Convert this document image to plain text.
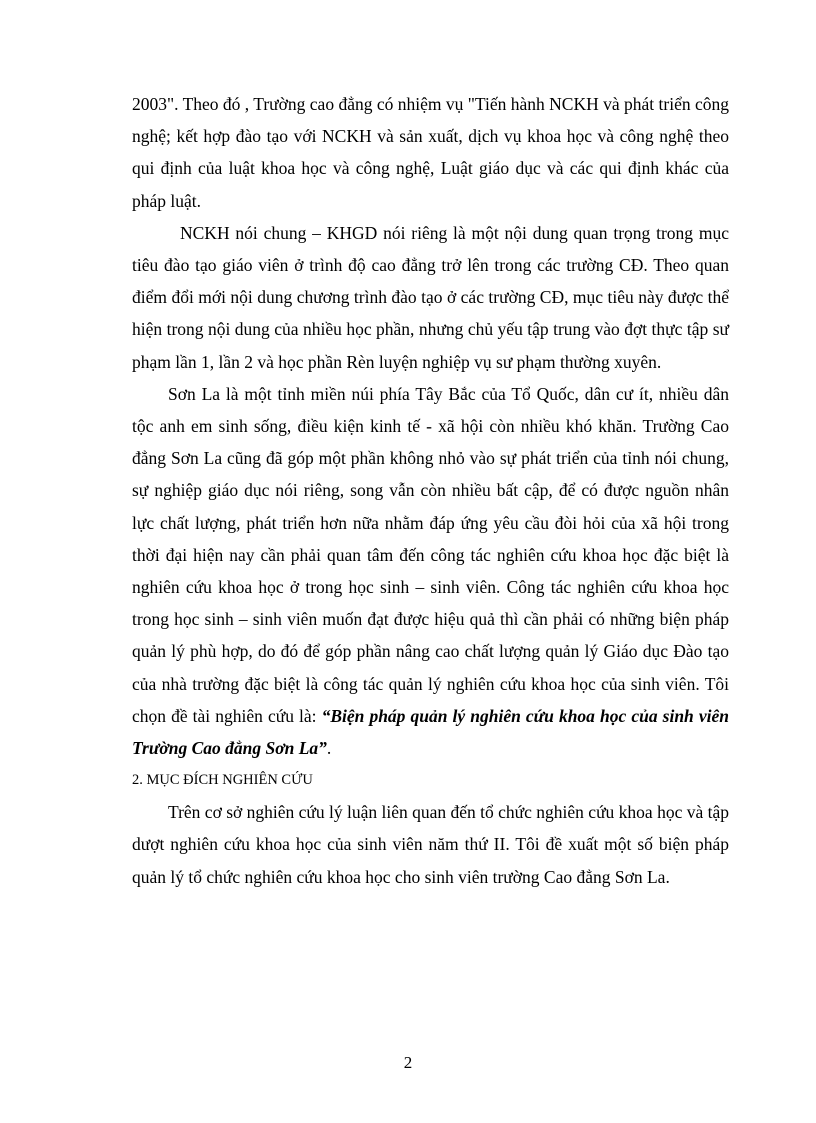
2003". Theo đó , Trường cao đẳng có nhiệm vụ "Tiến hành NCKH và phát triển công nghệ; kết hợp đào tạo với NCKH và sản xuất, dịch vụ khoa học và công nghệ theo qui định của luật khoa học và công nghệ, Luật giáo dục và các qui định khác của pháp luật.

NCKH nói chung – KHGD nói riêng là một nội dung quan trọng trong mục tiêu đào tạo giáo viên ở trình độ cao đẳng trở lên trong các trường CĐ. Theo quan điểm đổi mới nội dung chương trình đào tạo ở các trường CĐ, mục tiêu này được thể hiện trong nội dung của nhiều học phần, nhưng chủ yếu tập trung vào đợt thực tập sư phạm lần 1, lần 2 và học phần Rèn luyện nghiệp vụ sư phạm thường xuyên.

Sơn La là một tỉnh miền núi phía Tây Bắc của Tổ Quốc, dân cư ít, nhiều dân tộc anh em sinh sống, điều kiện kinh tế - xã hội còn nhiều khó khăn. Trường Cao đẳng Sơn La cũng đã góp một phần không nhỏ vào sự phát triển của tỉnh nói chung, sự nghiệp giáo dục nói riêng, song vẫn còn nhiều bất cập, để có được nguồn nhân lực chất lượng, phát triển hơn nữa nhằm đáp ứng yêu cầu đòi hỏi của xã hội trong thời đại hiện nay cần phải quan tâm đến công tác nghiên cứu khoa học đặc biệt là nghiên cứu khoa học ở trong học sinh – sinh viên. Công tác nghiên cứu khoa học trong học sinh – sinh viên muốn đạt được hiệu quả thì cần phải có những biện pháp quản lý phù hợp, do đó để góp phần nâng cao chất lượng quản lý Giáo dục Đào tạo của nhà trường đặc biệt là công tác quản lý nghiên cứu khoa học của sinh viên. Tôi chọn đề tài nghiên cứu là: “Biện pháp quản lý nghiên cứu khoa học của sinh viên Trường Cao đẳng Sơn La”.

2. MỤC ĐÍCH NGHIÊN CỨU

Trên cơ sở nghiên cứu lý luận liên quan đến tổ chức nghiên cứu khoa học và tập dượt nghiên cứu khoa học của sinh viên năm thứ II. Tôi đề xuất một số biện pháp quản lý tổ chức nghiên cứu khoa học cho sinh viên trường Cao đẳng Sơn La.

2
